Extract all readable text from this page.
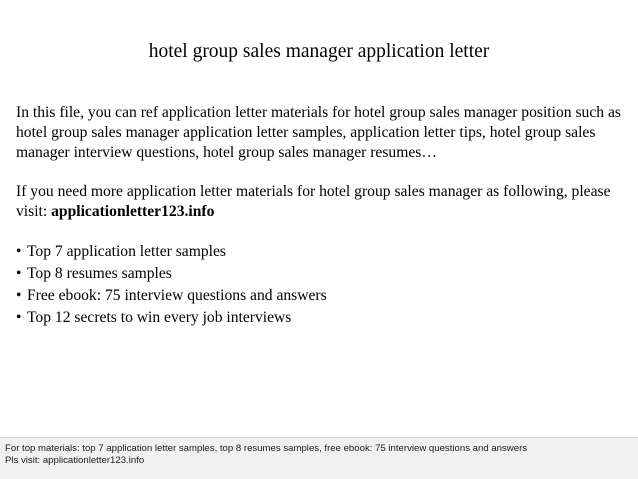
hotel group sales manager application letter

In this file, you can ref application letter materials for hotel group sales manager position such as hotel group sales manager application letter samples, application letter tips, hotel group sales manager interview questions, hotel group sales manager resumes…

If you need more application letter materials for hotel group sales manager as following, please visit: applicationletter123.info

• Top 7 application letter samples
• Top 8 resumes samples
• Free ebook: 75 interview questions and answers
• Top 12 secrets to win every job interviews
For top materials: top 7 application letter samples, top 8 resumes samples, free ebook: 75 interview questions and answers
Pls visit: applicationletter123.info
